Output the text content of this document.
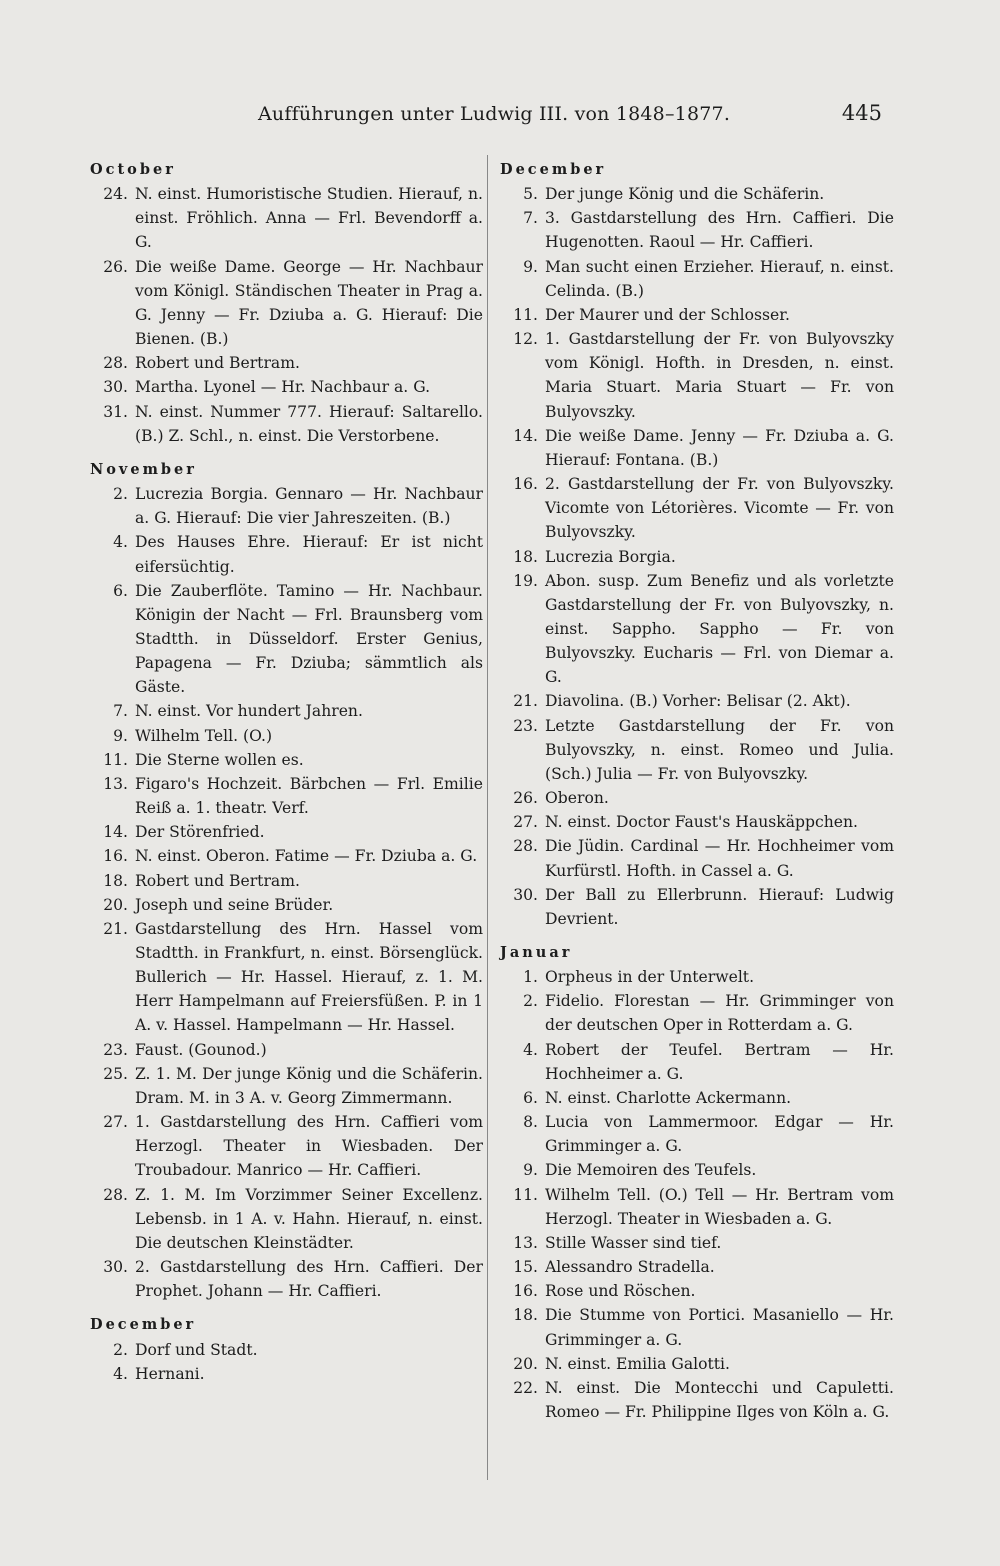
Aufführungen unter Ludwig III. von 1848–1877.	445
October
24. N. einst. Humoristische Studien. Hierauf, n. einst. Fröhlich. Anna — Frl. Bevendorff a. G.
26. Die weiße Dame. George — Hr. Nachbaur vom Königl. Ständischen Theater in Prag a. G. Jenny — Fr. Dziuba a. G. Hierauf: Die Bienen. (B.)
28. Robert und Bertram.
30. Martha. Lyonel — Hr. Nachbaur a. G.
31. N. einst. Nummer 777. Hierauf: Saltarello. (B.) Z. Schl., n. einst. Die Verstorbene.
November
2. Lucrezia Borgia. Gennaro — Hr. Nachbaur a. G. Hierauf: Die vier Jahreszeiten. (B.)
4. Des Hauses Ehre. Hierauf: Er ist nicht eifersüchtig.
6. Die Zauberflöte. Tamino — Hr. Nachbaur. Königin der Nacht — Frl. Braunsberg vom Stadtth. in Düsseldorf. Erster Genius, Papagena — Fr. Dziuba; sämmtlich als Gäste.
7. N. einst. Vor hundert Jahren.
9. Wilhelm Tell. (O.)
11. Die Sterne wollen es.
13. Figaro's Hochzeit. Bärbchen — Frl. Emilie Reiß a. 1. theatr. Verf.
14. Der Störenfried.
16. N. einst. Oberon. Fatime — Fr. Dziuba a. G.
18. Robert und Bertram.
20. Joseph und seine Brüder.
21. Gastdarstellung des Hrn. Hassel vom Stadtth. in Frankfurt, n. einst. Börsenglück. Bullerich — Hr. Hassel. Hierauf, z. 1. M. Herr Hampelmann auf Freiersfüßen. P. in 1 A. v. Hassel. Hampelmann — Hr. Hassel.
23. Faust. (Gounod.)
25. Z. 1. M. Der junge König und die Schäferin. Dram. M. in 3 A. v. Georg Zimmermann.
27. 1. Gastdarstellung des Hrn. Caffieri vom Herzogl. Theater in Wiesbaden. Der Troubadour. Manrico — Hr. Caffieri.
28. Z. 1. M. Im Vorzimmer Seiner Excellenz. Lebensb. in 1 A. v. Hahn. Hierauf, n. einst. Die deutschen Kleinstädter.
30. 2. Gastdarstellung des Hrn. Caffieri. Der Prophet. Johann — Hr. Caffieri.
December
2. Dorf und Stadt.
4. Hernani.
December
5. Der junge König und die Schäferin.
7. 3. Gastdarstellung des Hrn. Caffieri. Die Hugenotten. Raoul — Hr. Caffieri.
9. Man sucht einen Erzieher. Hierauf, n. einst. Celinda. (B.)
11. Der Maurer und der Schlosser.
12. 1. Gastdarstellung der Fr. von Bulyovszky vom Königl. Hofth. in Dresden, n. einst. Maria Stuart. Maria Stuart — Fr. von Bulyovszky.
14. Die weiße Dame. Jenny — Fr. Dziuba a. G. Hierauf: Fontana. (B.)
16. 2. Gastdarstellung der Fr. von Bulyovszky. Vicomte von Létorières. Vicomte — Fr. von Bulyovszky.
18. Lucrezia Borgia.
19. Abon. susp. Zum Benefiz und als vorletzte Gastdarstellung der Fr. von Bulyovszky, n. einst. Sappho. Sappho — Fr. von Bulyovszky. Eucharis — Frl. von Diemar a. G.
21. Diavolina. (B.) Vorher: Belisar (2. Akt).
23. Letzte Gastdarstellung der Fr. von Bulyovszky, n. einst. Romeo und Julia. (Sch.) Julia — Fr. von Bulyovszky.
26. Oberon.
27. N. einst. Doctor Faust's Hauskäppchen.
28. Die Jüdin. Cardinal — Hr. Hochheimer vom Kurfürstl. Hofth. in Cassel a. G.
30. Der Ball zu Ellerbrunn. Hierauf: Ludwig Devrient.
Januar
1. Orpheus in der Unterwelt.
2. Fidelio. Florestan — Hr. Grimminger von der deutschen Oper in Rotterdam a. G.
4. Robert der Teufel. Bertram — Hr. Hochheimer a. G.
6. N. einst. Charlotte Ackermann.
8. Lucia von Lammermoor. Edgar — Hr. Grimminger a. G.
9. Die Memoiren des Teufels.
11. Wilhelm Tell. (O.) Tell — Hr. Bertram vom Herzogl. Theater in Wiesbaden a. G.
13. Stille Wasser sind tief.
15. Alessandro Stradella.
16. Rose und Röschen.
18. Die Stumme von Portici. Masaniello — Hr. Grimminger a. G.
20. N. einst. Emilia Galotti.
22. N. einst. Die Montecchi und Capuletti. Romeo — Fr. Philippine Ilges von Köln a. G.
